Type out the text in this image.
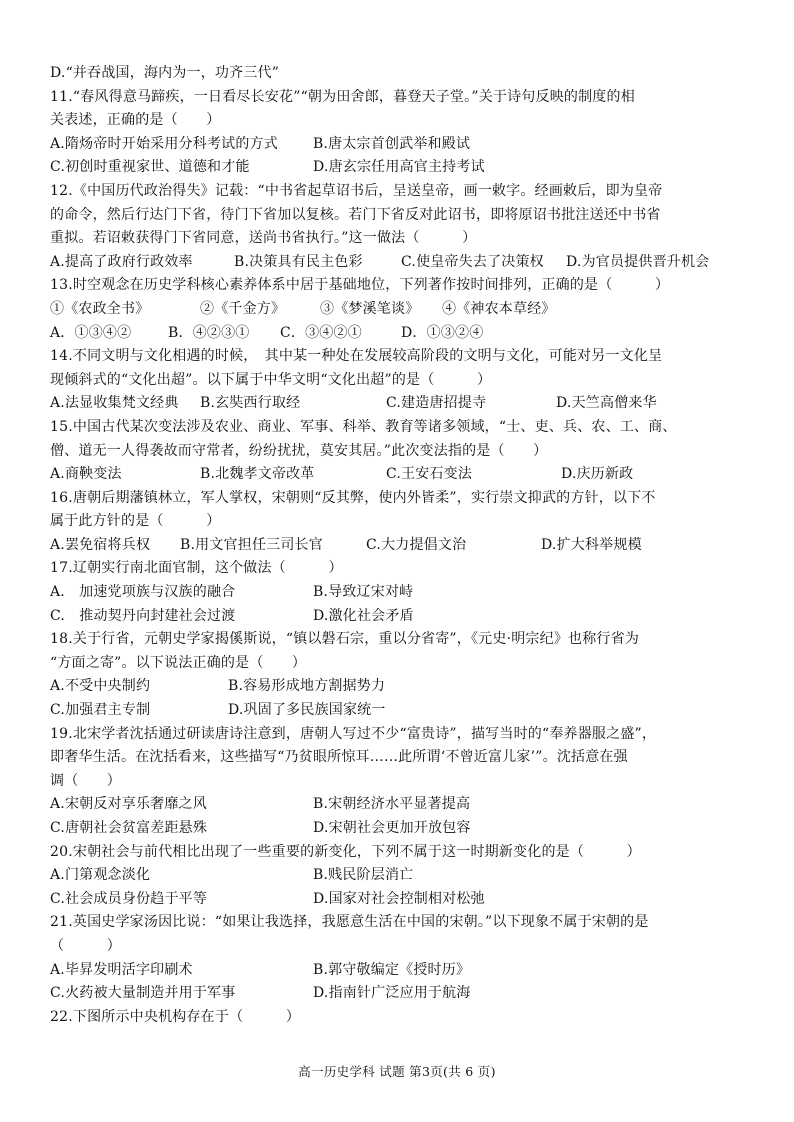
D.“并吞战国，海内为一，功齐三代”
11.“春风得意马蹄疾，一日看尽长安花”“朝为田舍郎，暮登天子堂。”关于诗句反映的制度的相
关表述，正确的是（　　）
A.隋炀帝时开始采用分科考试的方式	B.唐太宗首创武举和殿试
C.初创时重视家世、道德和才能	D.唐玄宗任用高官主持考试
12.《中国历代政治得失》记载：“中书省起草诏书后，呈送皇帝，画一敕字。经画敕后，即为皇帝
的命令，然后行达门下省，待门下省加以复核。若门下省反对此诏书，即将原诏书批注送还中书省
重拟。若诏敕获得门下省同意，送尚书省执行。”这一做法（　　　）
A.提高了政府行政效率	B.决策具有民主色彩	C.使皇帝失去了决策权	D.为官员提供晋升机会
13.时空观念在历史学科核心素养体系中居于基础地位，下列著作按时间排列，正确的是（　　　）
①《农政全书》	②《千金方》	③《梦溪笔谈》	④《神农本草经》
A．①③④②	B．④②③①	C．③④②①	D．①③②④
14.不同文明与文化相遇的时候，　其中某一种处在发展较高阶段的文明与文化，可能对另一文化呈
现倾斜式的“文化出超”。以下属于中华文明“文化出超”的是（　　　）
A.法显收集梵文经典	B.玄奘西行取经	C.建造唐招提寺	D.天竺高僧来华
15.中国古代某次变法涉及农业、商业、军事、科举、教育等诸多领域，“士、吏、兵、农、工、商、
僧、道无一人得袭故而守常者，纷纷扰扰，莫安其居。”此次变法指的是（　　）
A.商鞅变法	B.北魏孝文帝改革	C.王安石变法	D.庆历新政
16.唐朝后期藩镇林立，军人掌权，宋朝则“反其弊，使内外皆柔”，实行崇文抑武的方针，以下不
属于此方针的是（　　　）
A.罢免宿将兵权	B.用文官担任三司长官	C.大力提倡文治	D.扩大科举规模
17.辽朝实行南北面官制，这个做法（　　　）
A.　加速党项族与汉族的融合	B.导致辽宋对峙
C.　推动契丹向封建社会过渡	D.激化社会矛盾
18.关于行省，元朝史学家揭傒斯说，“镇以磐石宗，重以分省寄”，《元史·明宗纪》也称行省为
“方面之寄”。以下说法正确的是（　　）
A.不受中央制约	B.容易形成地方割据势力
C.加强君主专制	D.巩固了多民族国家统一
19.北宋学者沈括通过研读唐诗注意到，唐朝人写过不少“富贵诗”，描写当时的“奉养器服之盛”，
即奢华生活。在沈括看来，这些描写“乃贫眼所惊耳……此所谓‘不曾近富儿家’”。沈括意在强
调（　　）
A.宋朝反对享乐奢靡之风	B.宋朝经济水平显著提高
C.唐朝社会贫富差距悬殊	D.宋朝社会更加开放包容
20.宋朝社会与前代相比出现了一些重要的新变化，下列不属于这一时期新变化的是（　　　）
A.门第观念淡化	B.贱民阶层消亡
C.社会成员身份趋于平等	D.国家对社会控制相对松弛
21.英国史学家汤因比说：“如果让我选择，我愿意生活在中国的宋朝。”以下现象不属于宋朝的是
（　　　）
A.毕昇发明活字印刷术	B.郭守敬编定《授时历》
C.火药被大量制造并用于军事	D.指南针广泛应用于航海
22.下图所示中央机构存在于（　　　）
高一历史学科 试题 第3页(共 6 页)
